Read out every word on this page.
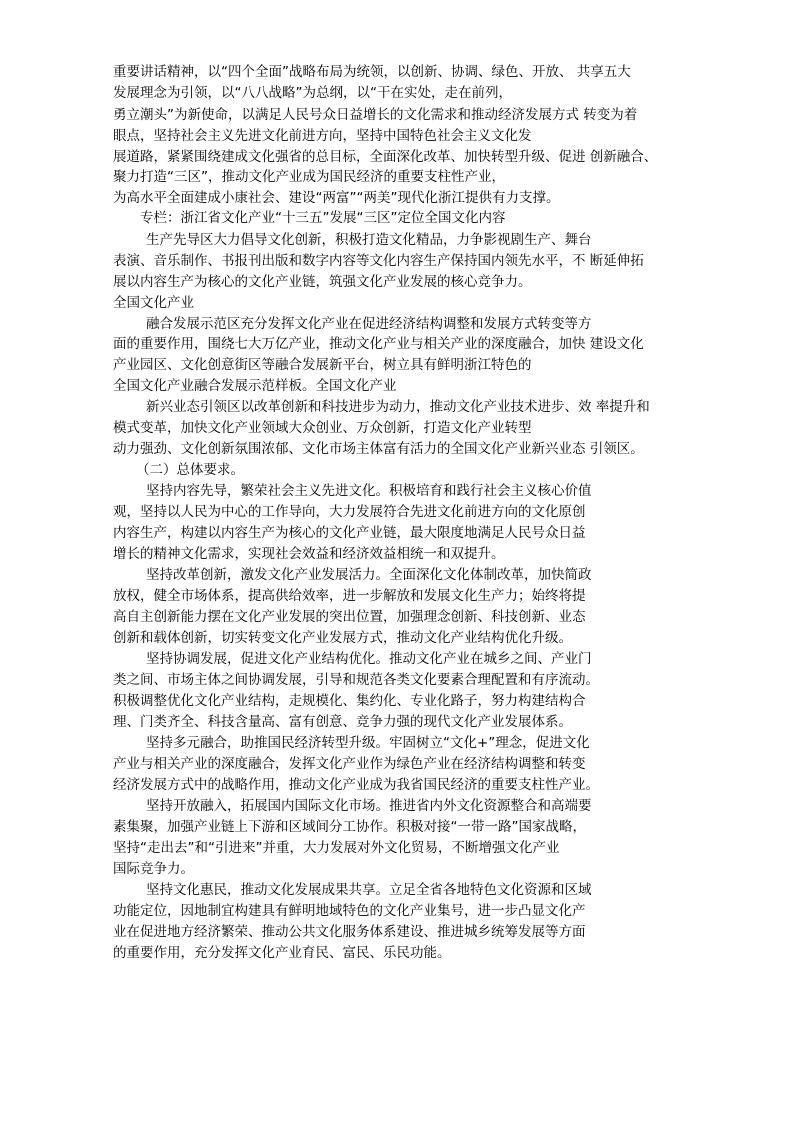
重要讲话精神，以“四个全面”战略布局为统领，以创新、协调、绿色、开放、 共享五大
发展理念为引领，以“八八战略”为总纲，以“干在实处，走在前列，
勇立潮头”为新使命，以满足人民号众日益增长的文化需求和推动经济发展方式 转变为着
眼点，坚持社会主义先进文化前进方向，坚持中国特色社会主义文化发
展道路，紧紧围绕建成文化强省的总目标，全面深化改革、加快转型升级、促进 创新融合、
聚力打造“三区”，推动文化产业成为国民经济的重要支柱性产业，
为高水平全面建成小康社会、建设“两富”“两美”现代化浙江提供有力支撑。
专栏：浙江省文化产业“十三五”发展“三区”定位全国文化内容
生产先导区大力倡导文化创新，积极打造文化精品，力争影视剧生产、舞台
表演、音乐制作、书报刊出版和数字内容等文化内容生产保持国内领先水平，不 断延伸拓
展以内容生产为核心的文化产业链，筑强文化产业发展的核心竞争力。
全国文化产业
融合发展示范区充分发挥文化产业在促进经济结构调整和发展方式转变等方
面的重要作用，围绕七大万亿产业，推动文化产业与相关产业的深度融合，加快 建设文化
产业园区、文化创意街区等融合发展新平台，树立具有鲜明浙江特色的
全国文化产业融合发展示范样板。全国文化产业
新兴业态引领区以改革创新和科技进步为动力，推动文化产业技术进步、效 率提升和
模式变革，加快文化产业领域大众创业、万众创新，打造文化产业转型
动力强劲、文化创新氛围浓郁、文化市场主体富有活力的全国文化产业新兴业态 引领区。
（二）总体要求。
坚持内容先导，繁荣社会主义先进文化。积极培育和践行社会主义核心价值
观，坚持以人民为中心的工作导向，大力发展符合先进文化前进方向的文化原创
内容生产，构建以内容生产为核心的文化产业链，最大限度地满足人民号众日益
增长的精神文化需求，实现社会效益和经济效益相统一和双提升。
坚持改革创新，激发文化产业发展活力。全面深化文化体制改革，加快简政
放权，健全市场体系，提高供给效率，进一步解放和发展文化生产力；始终将提
高自主创新能力摆在文化产业发展的突出位置，加强理念创新、科技创新、业态
创新和载体创新，切实转变文化产业发展方式，推动文化产业结构优化升级。
坚持协调发展，促进文化产业结构优化。推动文化产业在城乡之间、产业门
类之间、市场主体之间协调发展，引导和规范各类文化要素合理配置和有序流动。
积极调整优化文化产业结构，走规模化、集约化、专业化路子，努力构建结构合
理、门类齐全、科技含量高、富有创意、竞争力强的现代文化产业发展体系。
坚持多元融合，助推国民经济转型升级。牢固树立“文化+”理念，促进文化
产业与相关产业的深度融合，发挥文化产业作为绿色产业在经济结构调整和转变
经济发展方式中的战略作用，推动文化产业成为我省国民经济的重要支柱性产业。
坚持开放融入，拓展国内国际文化市场。推进省内外文化资源整合和高端要
素集聚，加强产业链上下游和区域间分工协作。积极对接“一带一路”国家战略，
坚持“走出去”和“引进来”并重，大力发展对外文化贸易，不断增强文化产业
国际竞争力。
坚持文化惠民，推动文化发展成果共享。立足全省各地特色文化资源和区域
功能定位，因地制宜构建具有鲜明地域特色的文化产业集号，进一步凸显文化产
业在促进地方经济繁荣、推动公共文化服务体系建设、推进城乡统筹发展等方面
的重要作用，充分发挥文化产业育民、富民、乐民功能。
